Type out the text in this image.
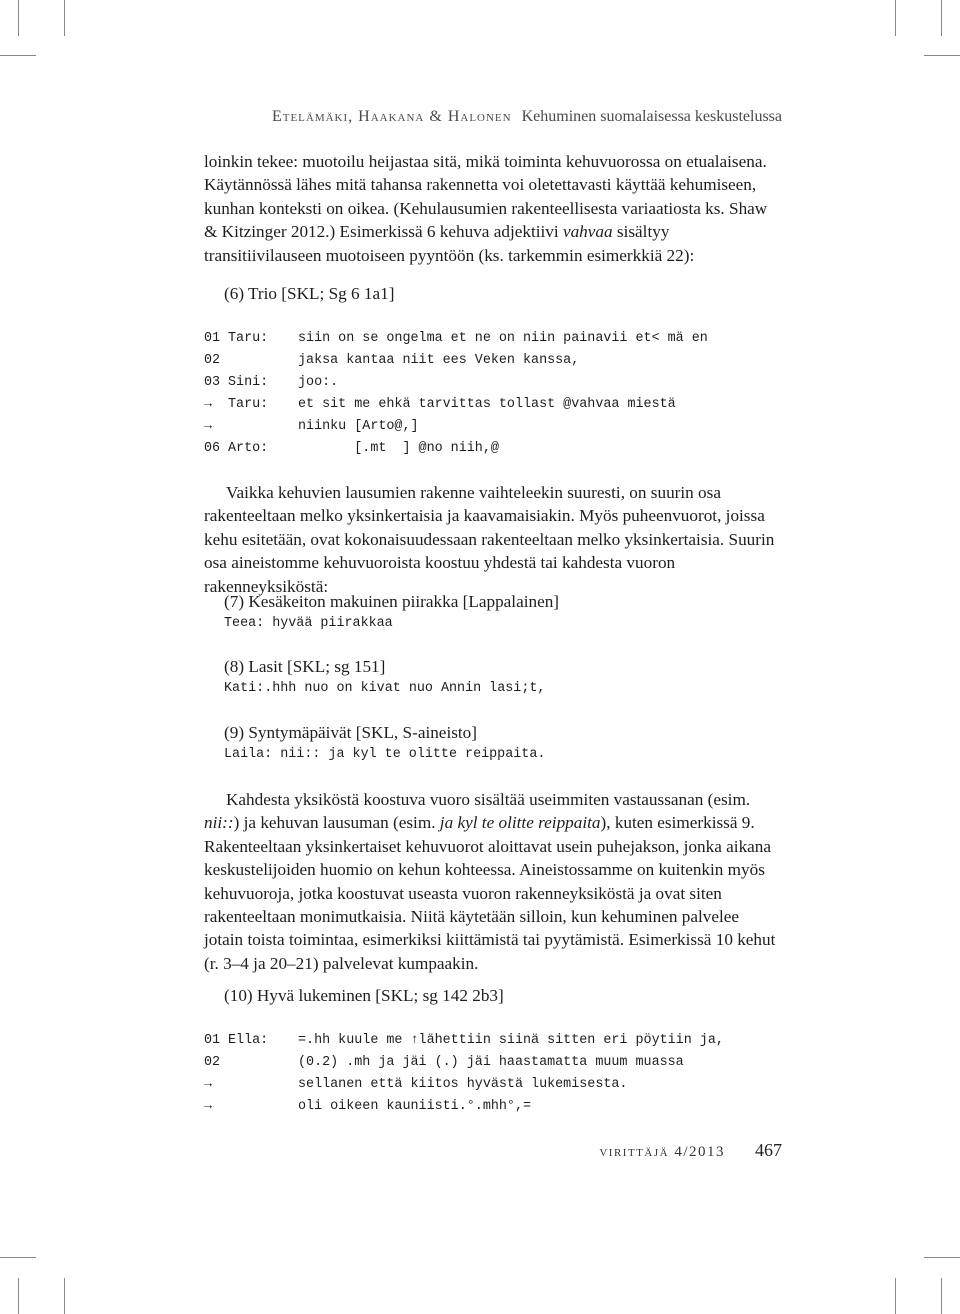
Etelämäki, Haakana & Halonen Kehuminen suomalaisessa keskustelussa

loinkin tekee: muotoilu heijastaa sitä, mikä toiminta kehuvuorossa on etualaisena. Käytännössä lähes mitä tahansa rakennetta voi oletettavasti käyttää kehumiseen, kunhan konteksti on oikea. (Kehulausumien rakenteellisesta variaatiosta ks. Shaw & Kitzinger 2012.) Esimerkissä 6 kehuva adjektiivi vahvaa sisältyy transitiivilauseen muotoiseen pyyntöön (ks. tarkemmin esimerkkiä 22):

(6) Trio [SKL; Sg 6 1a1]

01 Taru: siin on se ongelma et ne on niin painavii et< mä en
02	jaksa kantaa niit ees Veken kanssa,
03 Sini: joo:.
→ Taru: et sit me ehkä tarvittas tollast @vahvaa miestä
→	niinku [Arto@,]
06 Arto: [.mt  ] @no niih,@

Vaikka kehuvien lausumien rakenne vaihteleekin suuresti, on suurin osa rakenteeltaan melko yksinkertaisia ja kaavamaisiakin. Myös puheenvuorot, joissa kehu esitetään, ovat kokonaisuudessaan rakenteeltaan melko yksinkertaisia. Suurin osa aineistomme kehuvuoroista koostuu yhdestä tai kahdesta vuoron rakenneyksiköstä:

(7) Kesäkeiton makuinen piirakka [Lappalainen]

Teea: hyvää piirakkaa

(8) Lasit [SKL; sg 151]

Kati:.hhh nuo on kivat nuo Annin lasi;t,

(9) Syntymäpäivät [SKL, S-aineisto]

Laila: nii:: ja kyl te olitte reippaita.

Kahdesta yksiköstä koostuva vuoro sisältää useimmiten vastaussanan (esim. nii::) ja kehuvan lausuman (esim. ja kyl te olitte reippaita), kuten esimerkissä 9. Rakenteeltaan yksinkertaiset kehuvuorot aloittavat usein puhejakson, jonka aikana keskustelijoiden huomio on kehun kohteessa. Aineistossamme on kuitenkin myös kehuvuoroja, jotka koostuvat useasta vuoron rakenneyksiköstä ja ovat siten rakenteeltaan monimutkaisia. Niitä käytetään silloin, kun kehuminen palvelee jotain toista toimintaa, esimerkiksi kiittämistä tai pyytämistä. Esimerkissä 10 kehut (r. 3–4 ja 20–21) palvelevat kumpaakin.

(10) Hyvä lukeminen [SKL; sg 142 2b3]

01 Ella: =.hh kuule me ↑lähettiin siinä sitten eri pöytiin ja,
02	(0.2) .mh ja jäi (.) jäi haastamatta muum muassa
→	sellanen että kiitos hyvästä lukemisesta.
→	oli oikeen kauniisti.°.mhh°,=
virittäjä 4/2013 467
